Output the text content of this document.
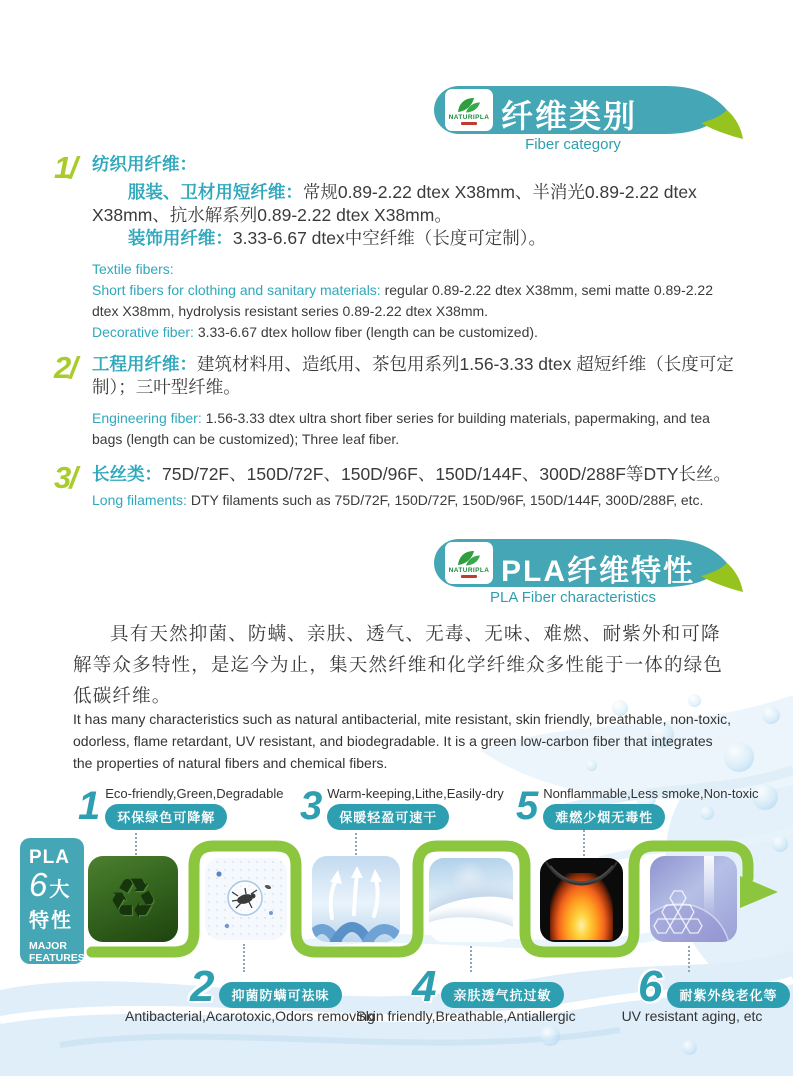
NATURIPLA 纤维类别
Fiber category
1/ 纺织用纤维：

服装、卫材用短纤维：常规0.89-2.22 dtex X38mm、半消光0.89-2.22 dtex X38mm、抗水解系列0.89-2.22 dtex X38mm。

装饰用纤维：3.33-6.67 dtex中空纤维（长度可定制）。

Textile fibers:

Short fibers for clothing and sanitary materials: regular 0.89-2.22 dtex X38mm, semi matte 0.89-2.22 dtex X38mm, hydrolysis resistant series 0.89-2.22 dtex X38mm.

Decorative fiber: 3.33-6.67 dtex hollow fiber (length can be customized).

2/ 工程用纤维：建筑材料用、造纸用、茶包用系列1.56-3.33 dtex 超短纤维（长度可定制）；三叶型纤维。

Engineering fiber: 1.56-3.33 dtex ultra short fiber series for building materials, papermaking, and tea bags (length can be customized); Three leaf fiber.

3/ 长丝类：75D/72F、150D/72F、150D/96F、150D/144F、300D/288F等DTY长丝。

Long filaments: DTY filaments such as 75D/72F, 150D/72F, 150D/96F, 150D/144F, 300D/288F, etc.

NATURIPLA PLA纤维特性
PLA Fiber characteristics
具有天然抑菌、防螨、亲肤、透气、无毒、无味、难燃、耐紫外和可降解等众多特性，是迄今为止，集天然纤维和化学纤维众多性能于一体的绿色低碳纤维。
It has many characteristics such as natural antibacterial, mite resistant, skin friendly, breathable, non-toxic, odorless, flame retardant, UV resistant, and biodegradable. It is a green low-carbon fiber that integrates the properties of natural fibers and chemical fibers.
PLA
6 大
特性
MAJOR
FEATURES
♻
1 Eco-friendly,Green,Degradable
环保绿色可降解	3 Warm-keeping,Lithe,Easily-dry
保暖轻盈可速干	5 Nonflammable,Less smoke,Non-toxic
难燃少烟无毒性
2	抑菌防螨可祛味
Antibacterial,Acarotoxic,Odors removing
4	亲肤透气抗过敏
Skin friendly,Breathable,Antiallergic
6	耐紫外线老化等
UV resistant aging, etc
